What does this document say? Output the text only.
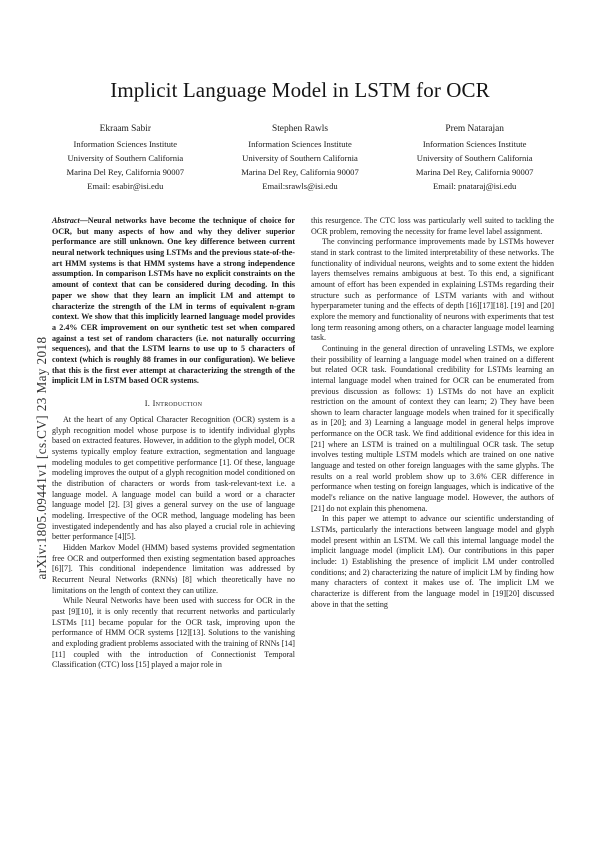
arXiv:1805.09441v1 [cs.CV] 23 May 2018
Implicit Language Model in LSTM for OCR
Ekraam Sabir
Information Sciences Institute
University of Southern California
Marina Del Rey, California 90007
Email: esabir@isi.edu
Stephen Rawls
Information Sciences Institute
University of Southern California
Marina Del Rey, California 90007
Email:srawls@isi.edu
Prem Natarajan
Information Sciences Institute
University of Southern California
Marina Del Rey, California 90007
Email: pnataraj@isi.edu

Abstract—Neural networks have become the technique of choice for OCR, but many aspects of how and why they deliver superior performance are still unknown. One key difference between current neural network techniques using LSTMs and the previous state-of-the-art HMM systems is that HMM systems have a strong independence assumption. In comparison LSTMs have no explicit constraints on the amount of context that can be considered during decoding. In this paper we show that they learn an implicit LM and attempt to characterize the strength of the LM in terms of equivalent n-gram context. We show that this implicitly learned language model provides a 2.4% CER improvement on our synthetic test set when compared against a test set of random characters (i.e. not naturally occurring sequences), and that the LSTM learns to use up to 5 characters of context (which is roughly 88 frames in our configuration). We believe that this is the first ever attempt at characterizing the strength of the implicit LM in LSTM based OCR systems.

I. Introduction

At the heart of any Optical Character Recognition (OCR) system is a glyph recognition model whose purpose is to identify individual glyphs based on extracted features. However, in addition to the glyph model, OCR systems typically employ feature extraction, segmentation and language modeling modules to get competitive performance [1]. Of these, language modeling improves the output of a glyph recognition model conditioned on the distribution of characters or words from task-relevant-text i.e. a language model. A language model can build a word or a character language model [2]. [3] gives a general survey on the use of language modeling. Irrespective of the OCR method, language modeling has been investigated independently and has also played a crucial role in achieving better performance [4][5].

Hidden Markov Model (HMM) based systems provided segmentation free OCR and outperformed then existing segmentation based approaches [6][7]. This conditional independence limitation was addressed by Recurrent Neural Networks (RNNs) [8] which theoretically have no limitations on the length of context they can utilize.

While Neural Networks have been used with success for OCR in the past [9][10], it is only recently that recurrent networks and particularly LSTMs [11] became popular for the OCR task, improving upon the performance of HMM OCR systems [12][13]. Solutions to the vanishing and exploding gradient problems associated with the training of RNNs [14][11] coupled with the introduction of Connectionist Temporal Classification (CTC) loss [15] played a major role in

this resurgence. The CTC loss was particularly well suited to tackling the OCR problem, removing the necessity for frame level label assignment.

The convincing performance improvements made by LSTMs however stand in stark contrast to the limited interpretability of these networks. The functionality of individual neurons, weights and to some extent the hidden layers themselves remains ambiguous at best. To this end, a significant amount of effort has been expended in explaining LSTMs regarding their structure such as performance of LSTM variants with and without hyperparameter tuning and the effects of depth [16][17][18]. [19] and [20] explore the memory and functionality of neurons with experiments that test long term reasoning among others, on a character language model learning task.

Continuing in the general direction of unraveling LSTMs, we explore their possibility of learning a language model when trained on a different but related OCR task. Foundational credibility for LSTMs learning an internal language model when trained for OCR can be enumerated from previous discussion as follows: 1) LSTMs do not have an explicit restriction on the amount of context they can learn; 2) They have been shown to learn character language models when trained for it specifically as in [20]; and 3) Learning a language model in general helps improve performance on the OCR task. We find additional evidence for this idea in [21] where an LSTM is trained on a multilingual OCR task. The setup involves testing multiple LSTM models which are trained on one native language and tested on other foreign languages with the same glyphs. The results on a real world problem show up to 3.6% CER difference in performance when testing on foreign languages, which is indicative of the model's reliance on the native language model. However, the authors of [21] do not explain this phenomena.

In this paper we attempt to advance our scientific understanding of LSTMs, particularly the interactions between language model and glyph model present within an LSTM. We call this internal language model the implicit language model (implicit LM). Our contributions in this paper include: 1) Establishing the presence of implicit LM under controlled conditions; and 2) characterizing the nature of implicit LM by finding how many characters of context it makes use of. The implicit LM we characterize is different from the language model in [19][20] discussed above in that the setting
